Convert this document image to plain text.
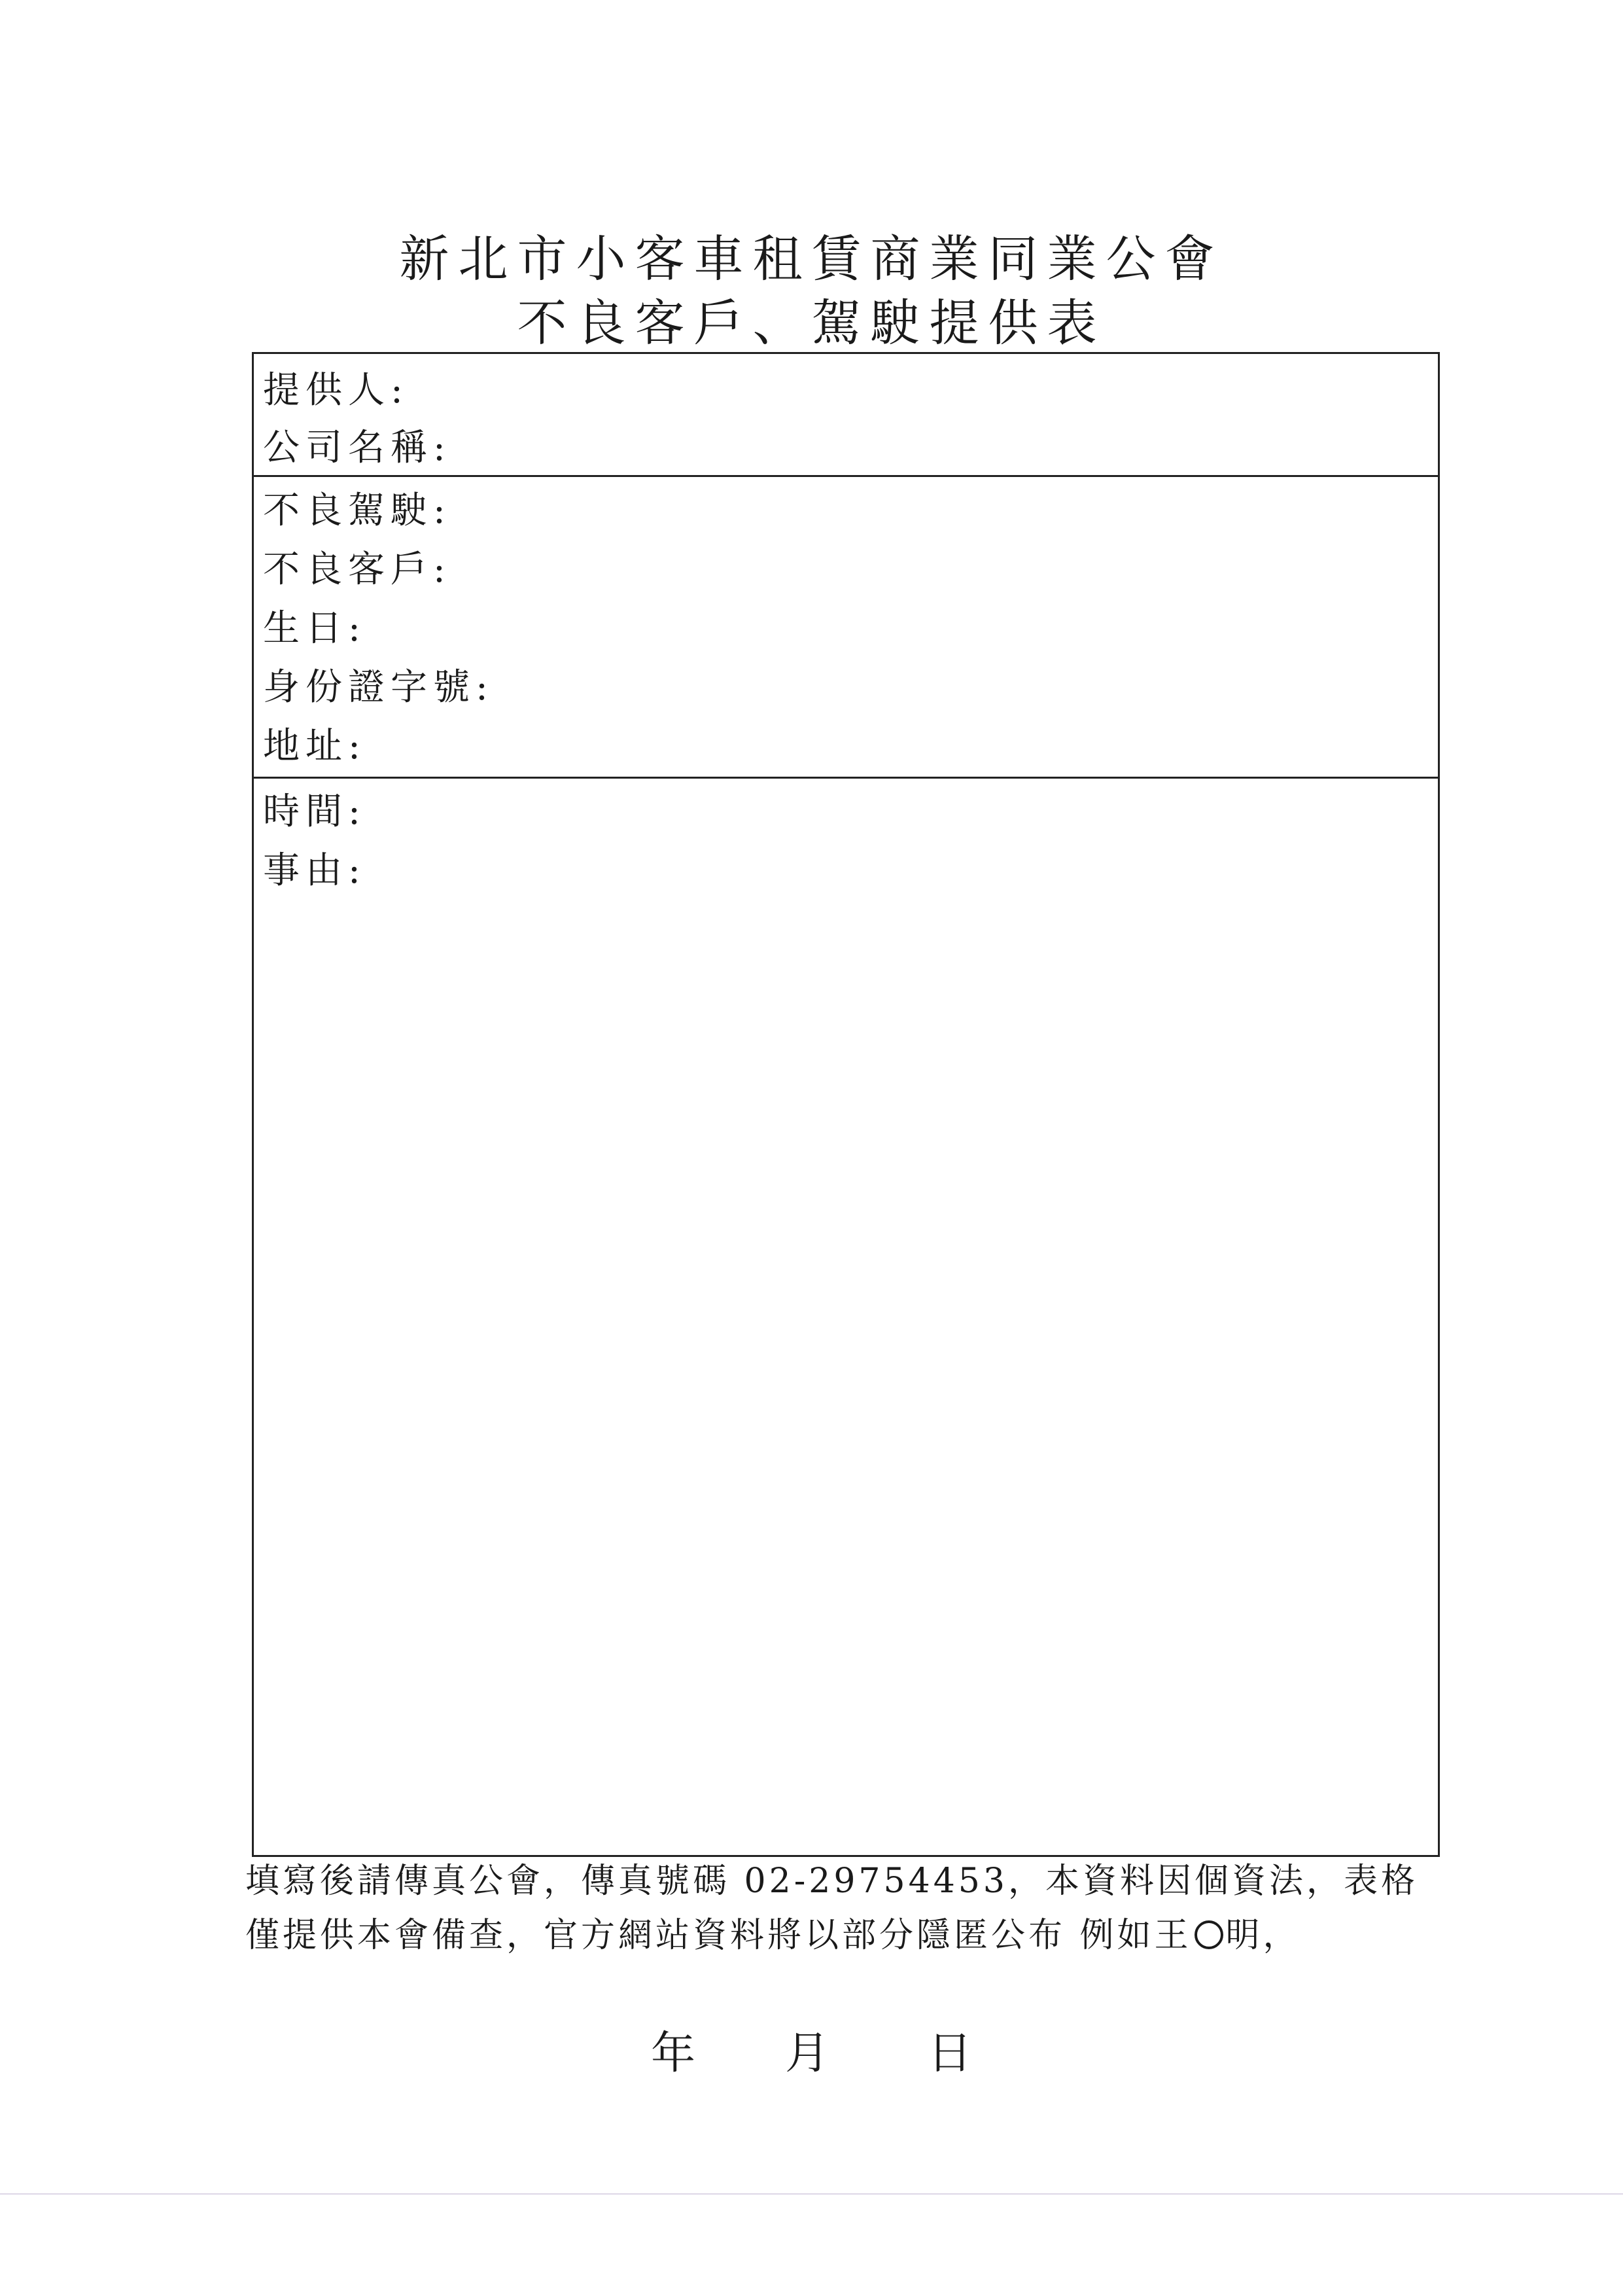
新北市小客車租賃商業同業公會
不良客戶、駕駛提供表
提供人:
公司名稱:
不良駕駛:
不良客戶:
生日:
身份證字號:
地址:
時間:
事由:
填寫後請傳真公會，傳真號碼 02-29754453，本資料因個資法，表格
僅提供本會備查，官方網站資料將以部分隱匿公布 例如王 明，
年 月 日
